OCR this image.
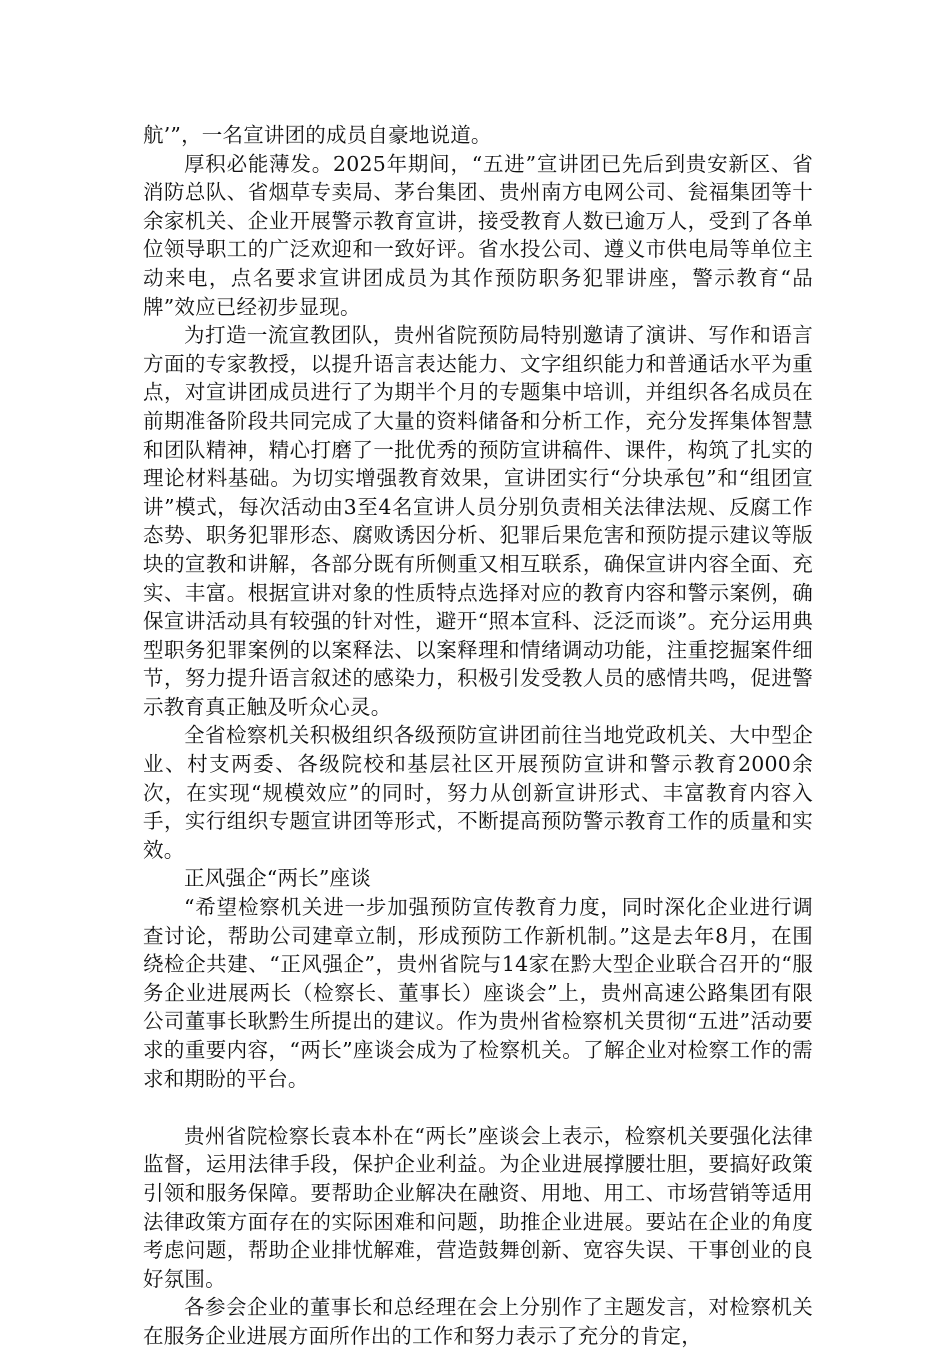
航’”，一名宣讲团的成员自豪地说道。

厚积必能薄发。2025年期间，“五进”宣讲团已先后到贵安新区、省消防总队、省烟草专卖局、茅台集团、贵州南方电网公司、瓮福集团等十余家机关、企业开展警示教育宣讲，接受教育人数已逾万人，受到了各单位领导职工的广泛欢迎和一致好评。省水投公司、遵义市供电局等单位主动来电，点名要求宣讲团成员为其作预防职务犯罪讲座，警示教育“品牌”效应已经初步显现。

为打造一流宣教团队，贵州省院预防局特别邀请了演讲、写作和语言方面的专家教授，以提升语言表达能力、文字组织能力和普通话水平为重点，对宣讲团成员进行了为期半个月的专题集中培训，并组织各名成员在前期准备阶段共同完成了大量的资料储备和分析工作，充分发挥集体智慧和团队精神，精心打磨了一批优秀的预防宣讲稿件、课件，构筑了扎实的理论材料基础。为切实增强教育效果，宣讲团实行“分块承包”和“组团宣讲”模式，每次活动由3至4名宣讲人员分别负责相关法律法规、反腐工作态势、职务犯罪形态、腐败诱因分析、犯罪后果危害和预防提示建议等版块的宣教和讲解，各部分既有所侧重又相互联系，确保宣讲内容全面、充实、丰富。根据宣讲对象的性质特点选择对应的教育内容和警示案例，确保宣讲活动具有较强的针对性，避开“照本宣科、泛泛而谈”。充分运用典型职务犯罪案例的以案释法、以案释理和情绪调动功能，注重挖掘案件细节，努力提升语言叙述的感染力，积极引发受教人员的感情共鸣，促进警示教育真正触及听众心灵。

全省检察机关积极组织各级预防宣讲团前往当地党政机关、大中型企业、村支两委、各级院校和基层社区开展预防宣讲和警示教育2000余次，在实现“规模效应”的同时，努力从创新宣讲形式、丰富教育内容入手，实行组织专题宣讲团等形式，不断提高预防警示教育工作的质量和实效。

正风强企“两长”座谈

“希望检察机关进一步加强预防宣传教育力度，同时深化企业进行调查讨论，帮助公司建章立制，形成预防工作新机制。”这是去年8月，在围绕检企共建、“正风强企”，贵州省院与14家在黔大型企业联合召开的“服务企业进展两长（检察长、董事长）座谈会”上，贵州高速公路集团有限公司董事长耿黔生所提出的建议。作为贵州省检察机关贯彻“五进”活动要求的重要内容，“两长”座谈会成为了检察机关。了解企业对检察工作的需求和期盼的平台。

贵州省院检察长袁本朴在“两长”座谈会上表示，检察机关要强化法律监督，运用法律手段，保护企业利益。为企业进展撑腰壮胆，要搞好政策引领和服务保障。要帮助企业解决在融资、用地、用工、市场营销等适用法律政策方面存在的实际困难和问题，助推企业进展。要站在企业的角度考虑问题，帮助企业排忧解难，营造鼓舞创新、宽容失误、干事创业的良好氛围。

各参会企业的董事长和总经理在会上分别作了主题发言，对检察机关在服务企业进展方面所作出的工作和努力表示了充分的肯定，
